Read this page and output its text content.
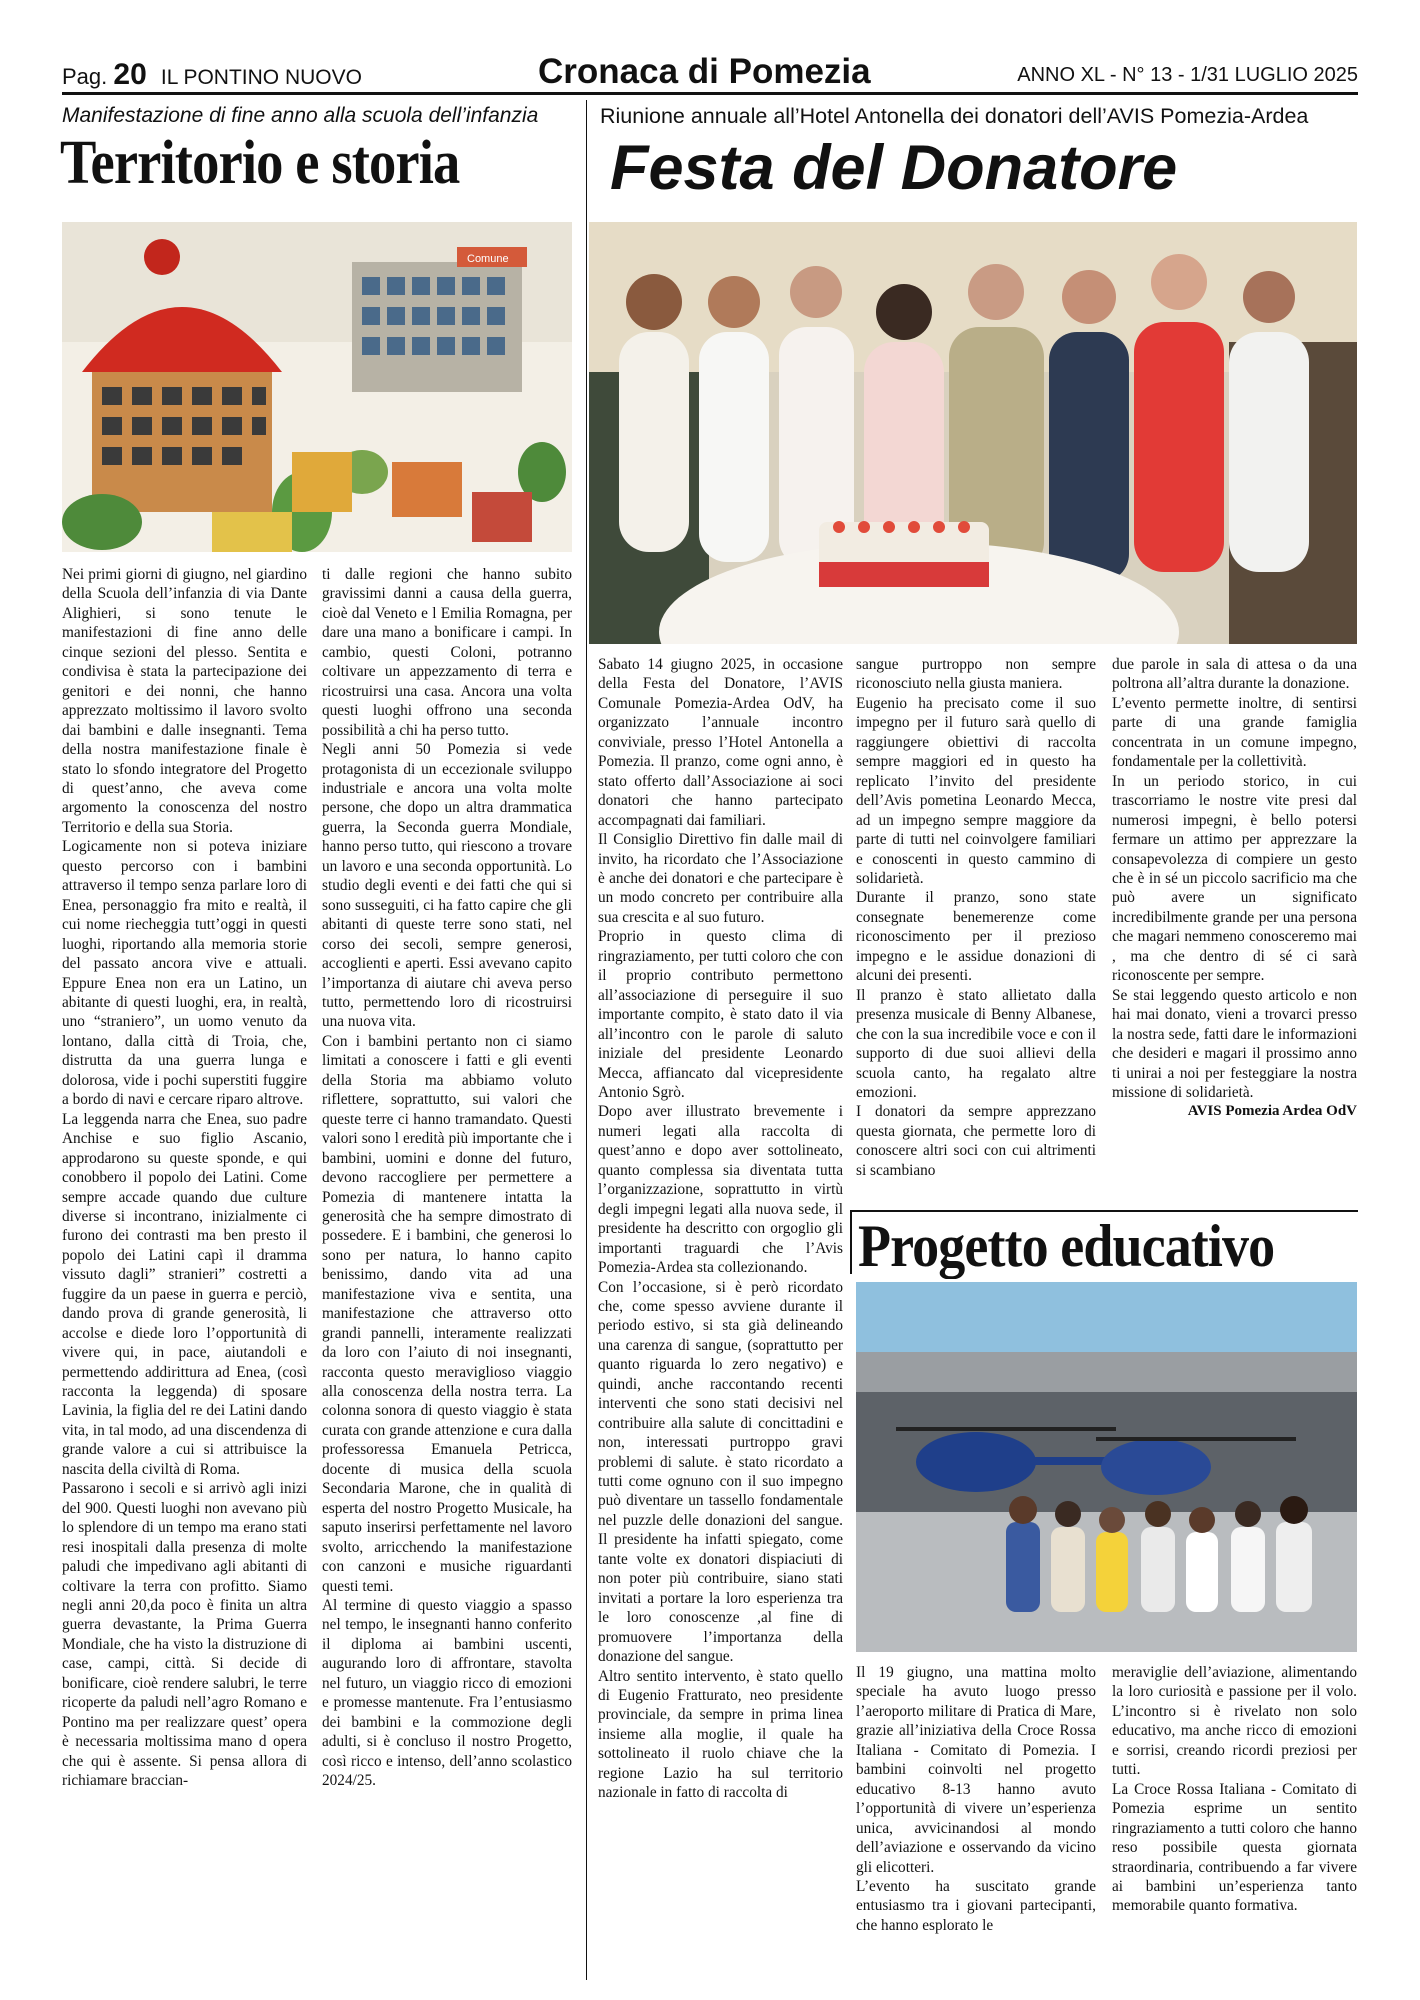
Pag. 20 IL PONTINO NUOVO	Cronaca di Pomezia	ANNO XL - N° 13 - 1/31 LUGLIO 2025
Manifestazione di fine anno alla scuola dell’infanzia
Territorio e storia
Comune

Nei primi giorni di giugno, nel giardino della Scuola dell’infanzia di via Dante Alighieri, si sono tenute le manifestazioni di fine anno delle cinque sezioni del plesso. Sentita e condivisa è stata la partecipazione dei genitori e dei nonni, che hanno apprezzato moltissimo il lavoro svolto dai bambini e dalle insegnanti. Tema della nostra manifestazione finale è stato lo sfondo integratore del Progetto di quest’anno, che aveva come argomento la conoscenza del nostro Territorio e della sua Storia.

Logicamente non si poteva iniziare questo percorso con i bambini attraverso il tempo senza parlare loro di Enea, personaggio fra mito e realtà, il cui nome riecheggia tutt’oggi in questi luoghi, riportando alla memoria storie del passato ancora vive e attuali. Eppure Enea non era un Latino, un abitante di questi luoghi, era, in realtà, uno “straniero”, un uomo venuto da lontano, dalla città di Troia, che, distrutta da una guerra lunga e dolorosa, vide i pochi superstiti fuggire a bordo di navi e cercare riparo altrove.

La leggenda narra che Enea, suo padre Anchise e suo figlio Ascanio, approdarono su queste sponde, e qui conobbero il popolo dei Latini. Come sempre accade quando due culture diverse si incontrano, inizialmente ci furono dei contrasti ma ben presto il popolo dei Latini capì il dramma vissuto dagli” stranieri” costretti a fuggire da un paese in guerra e perciò, dando prova di grande generosità, li accolse e diede loro l’opportunità di vivere qui, in pace, aiutandoli e permettendo addirittura ad Enea, (così racconta la leggenda) di sposare Lavinia, la figlia del re dei Latini dando vita, in tal modo, ad una discendenza di grande valore a cui si attribuisce la nascita della civiltà di Roma.

Passarono i secoli e si arrivò agli inizi del 900. Questi luoghi non avevano più lo splendore di un tempo ma erano stati resi inospitali dalla presenza di molte paludi che impedivano agli abitanti di coltivare la terra con profitto. Siamo negli anni 20,da poco è finita un altra guerra devastante, la Prima Guerra Mondiale, che ha visto la distruzione di case, campi, città. Si decide di bonificare, cioè rendere salubri, le terre ricoperte da paludi nell’agro Romano e Pontino ma per realizzare quest’ opera è necessaria moltissima mano d opera che qui è assente. Si pensa allora di richiamare braccian-

ti dalle regioni che hanno subito gravissimi danni a causa della guerra, cioè dal Veneto e l Emilia Romagna, per dare una mano a bonificare i campi. In cambio, questi Coloni, potranno coltivare un appezzamento di terra e ricostruirsi una casa. Ancora una volta questi luoghi offrono una seconda possibilità a chi ha perso tutto.

Negli anni 50 Pomezia si vede protagonista di un eccezionale sviluppo industriale e ancora una volta molte persone, che dopo un altra drammatica guerra, la Seconda guerra Mondiale, hanno perso tutto, qui riescono a trovare un lavoro e una seconda opportunità. Lo studio degli eventi e dei fatti che qui si sono susseguiti, ci ha fatto capire che gli abitanti di queste terre sono stati, nel corso dei secoli, sempre generosi, accoglienti e aperti. Essi avevano capito l’importanza di aiutare chi aveva perso tutto, permettendo loro di ricostruirsi una nuova vita.

Con i bambini pertanto non ci siamo limitati a conoscere i fatti e gli eventi della Storia ma abbiamo voluto riflettere, soprattutto, sui valori che queste terre ci hanno tramandato. Questi valori sono l eredità più importante che i bambini, uomini e donne del futuro, devono raccogliere per permettere a Pomezia di mantenere intatta la generosità che ha sempre dimostrato di possedere. E i bambini, che generosi lo sono per natura, lo hanno capito benissimo, dando vita ad una manifestazione viva e sentita, una manifestazione che attraverso otto grandi pannelli, interamente realizzati da loro con l’aiuto di noi insegnanti, racconta questo meraviglioso viaggio alla conoscenza della nostra terra. La colonna sonora di questo viaggio è stata curata con grande attenzione e cura dalla professoressa Emanuela Petricca, docente di musica della scuola Secondaria Marone, che in qualità di esperta del nostro Progetto Musicale, ha saputo inserirsi perfettamente nel lavoro svolto, arricchendo la manifestazione con canzoni e musiche riguardanti questi temi.

Al termine di questo viaggio a spasso nel tempo, le insegnanti hanno conferito il diploma ai bambini uscenti, augurando loro di affrontare, stavolta nel futuro, un viaggio ricco di emozioni e promesse mantenute. Fra l’entusiasmo dei bambini e la commozione degli adulti, si è concluso il nostro Progetto, così ricco e intenso, dell’anno scolastico 2024/25.

Riunione annuale all’Hotel Antonella dei donatori dell’AVIS Pomezia-Ardea
Festa del Donatore

Sabato 14 giugno 2025, in occasione della Festa del Donatore, l’AVIS Comunale Pomezia-Ardea OdV, ha organizzato l’annuale incontro conviviale, presso l’Hotel Antonella a Pomezia. Il pranzo, come ogni anno, è stato offerto dall’Associazione ai soci donatori che hanno partecipato accompagnati dai familiari.

Il Consiglio Direttivo fin dalle mail di invito, ha ricordato che l’Associazione è anche dei donatori e che partecipare è un modo concreto per contribuire alla sua crescita e al suo futuro.

Proprio in questo clima di ringraziamento, per tutti coloro che con il proprio contributo permettono all’associazione di perseguire il suo importante compito, è stato dato il via all’incontro con le parole di saluto iniziale del presidente Leonardo Mecca, affiancato dal vicepresidente Antonio Sgrò.

Dopo aver illustrato brevemente i numeri legati alla raccolta di quest’anno e dopo aver sottolineato, quanto complessa sia diventata tutta l’organizzazione, soprattutto in virtù degli impegni legati alla nuova sede, il presidente ha descritto con orgoglio gli importanti traguardi che l’Avis Pomezia-Ardea sta collezionando.

Con l’occasione, si è però ricordato che, come spesso avviene durante il periodo estivo, si sta già delineando una carenza di sangue, (soprattutto per quanto riguarda lo zero negativo) e quindi, anche raccontando recenti interventi che sono stati decisivi nel contribuire alla salute di concittadini e non, interessati purtroppo gravi problemi di salute. è stato ricordato a tutti come ognuno con il suo impegno può diventare un tassello fondamentale nel puzzle delle donazioni del sangue. Il presidente ha infatti spiegato, come tante volte ex donatori dispiaciuti di non poter più contribuire, siano stati invitati a portare la loro esperienza tra le loro conoscenze ,al fine di promuovere l’importanza della donazione del sangue.

Altro sentito intervento, è stato quello di Eugenio Fratturato, neo presidente provinciale, da sempre in prima linea insieme alla moglie, il quale ha sottolineato il ruolo chiave che la regione Lazio ha sul territorio nazionale in fatto di raccolta di

sangue purtroppo non sempre riconosciuto nella giusta maniera.

Eugenio ha precisato come il suo impegno per il futuro sarà quello di raggiungere obiettivi di raccolta sempre maggiori ed in questo ha replicato l’invito del presidente dell’Avis pometina Leonardo Mecca, ad un impegno sempre maggiore da parte di tutti nel coinvolgere familiari e conoscenti in questo cammino di solidarietà.

Durante il pranzo, sono state consegnate benemerenze come riconoscimento per il prezioso impegno e le assidue donazioni di alcuni dei presenti.

Il pranzo è stato allietato dalla presenza musicale di Benny Albanese, che con la sua incredibile voce e con il supporto di due suoi allievi della scuola canto, ha regalato altre emozioni.

I donatori da sempre apprezzano questa giornata, che permette loro di conoscere altri soci con cui altrimenti si scambiano

due parole in sala di attesa o da una poltrona all’altra durante la donazione.

L’evento permette inoltre, di sentirsi parte di una grande famiglia concentrata in un comune impegno, fondamentale per la collettività.

In un periodo storico, in cui trascorriamo le nostre vite presi dal numerosi impegni, è bello potersi fermare un attimo per apprezzare la consapevolezza di compiere un gesto che è in sé un piccolo sacrificio ma che può avere un significato incredibilmente grande per una persona che magari nemmeno conosceremo mai , ma che dentro di sé ci sarà riconoscente per sempre.

Se stai leggendo questo articolo e non hai mai donato, vieni a trovarci presso la nostra sede, fatti dare le informazioni che desideri e magari il prossimo anno ti unirai a noi per festeggiare la nostra missione di solidarietà.

AVIS Pomezia Ardea OdV

Progetto educativo

Il 19 giugno, una mattina molto speciale ha avuto luogo presso l’aeroporto militare di Pratica di Mare, grazie all’iniziativa della Croce Rossa Italiana - Comitato di Pomezia. I bambini coinvolti nel progetto educativo 8-13 hanno avuto l’opportunità di vivere un’esperienza unica, avvicinandosi al mondo dell’aviazione e osservando da vicino gli elicotteri.

L’evento ha suscitato grande entusiasmo tra i giovani partecipanti, che hanno esplorato le

meraviglie dell’aviazione, alimentando la loro curiosità e passione per il volo. L’incontro si è rivelato non solo educativo, ma anche ricco di emozioni e sorrisi, creando ricordi preziosi per tutti.

La Croce Rossa Italiana - Comitato di Pomezia esprime un sentito ringraziamento a tutti coloro che hanno reso possibile questa giornata straordinaria, contribuendo a far vivere ai bambini un’esperienza tanto memorabile quanto formativa.
